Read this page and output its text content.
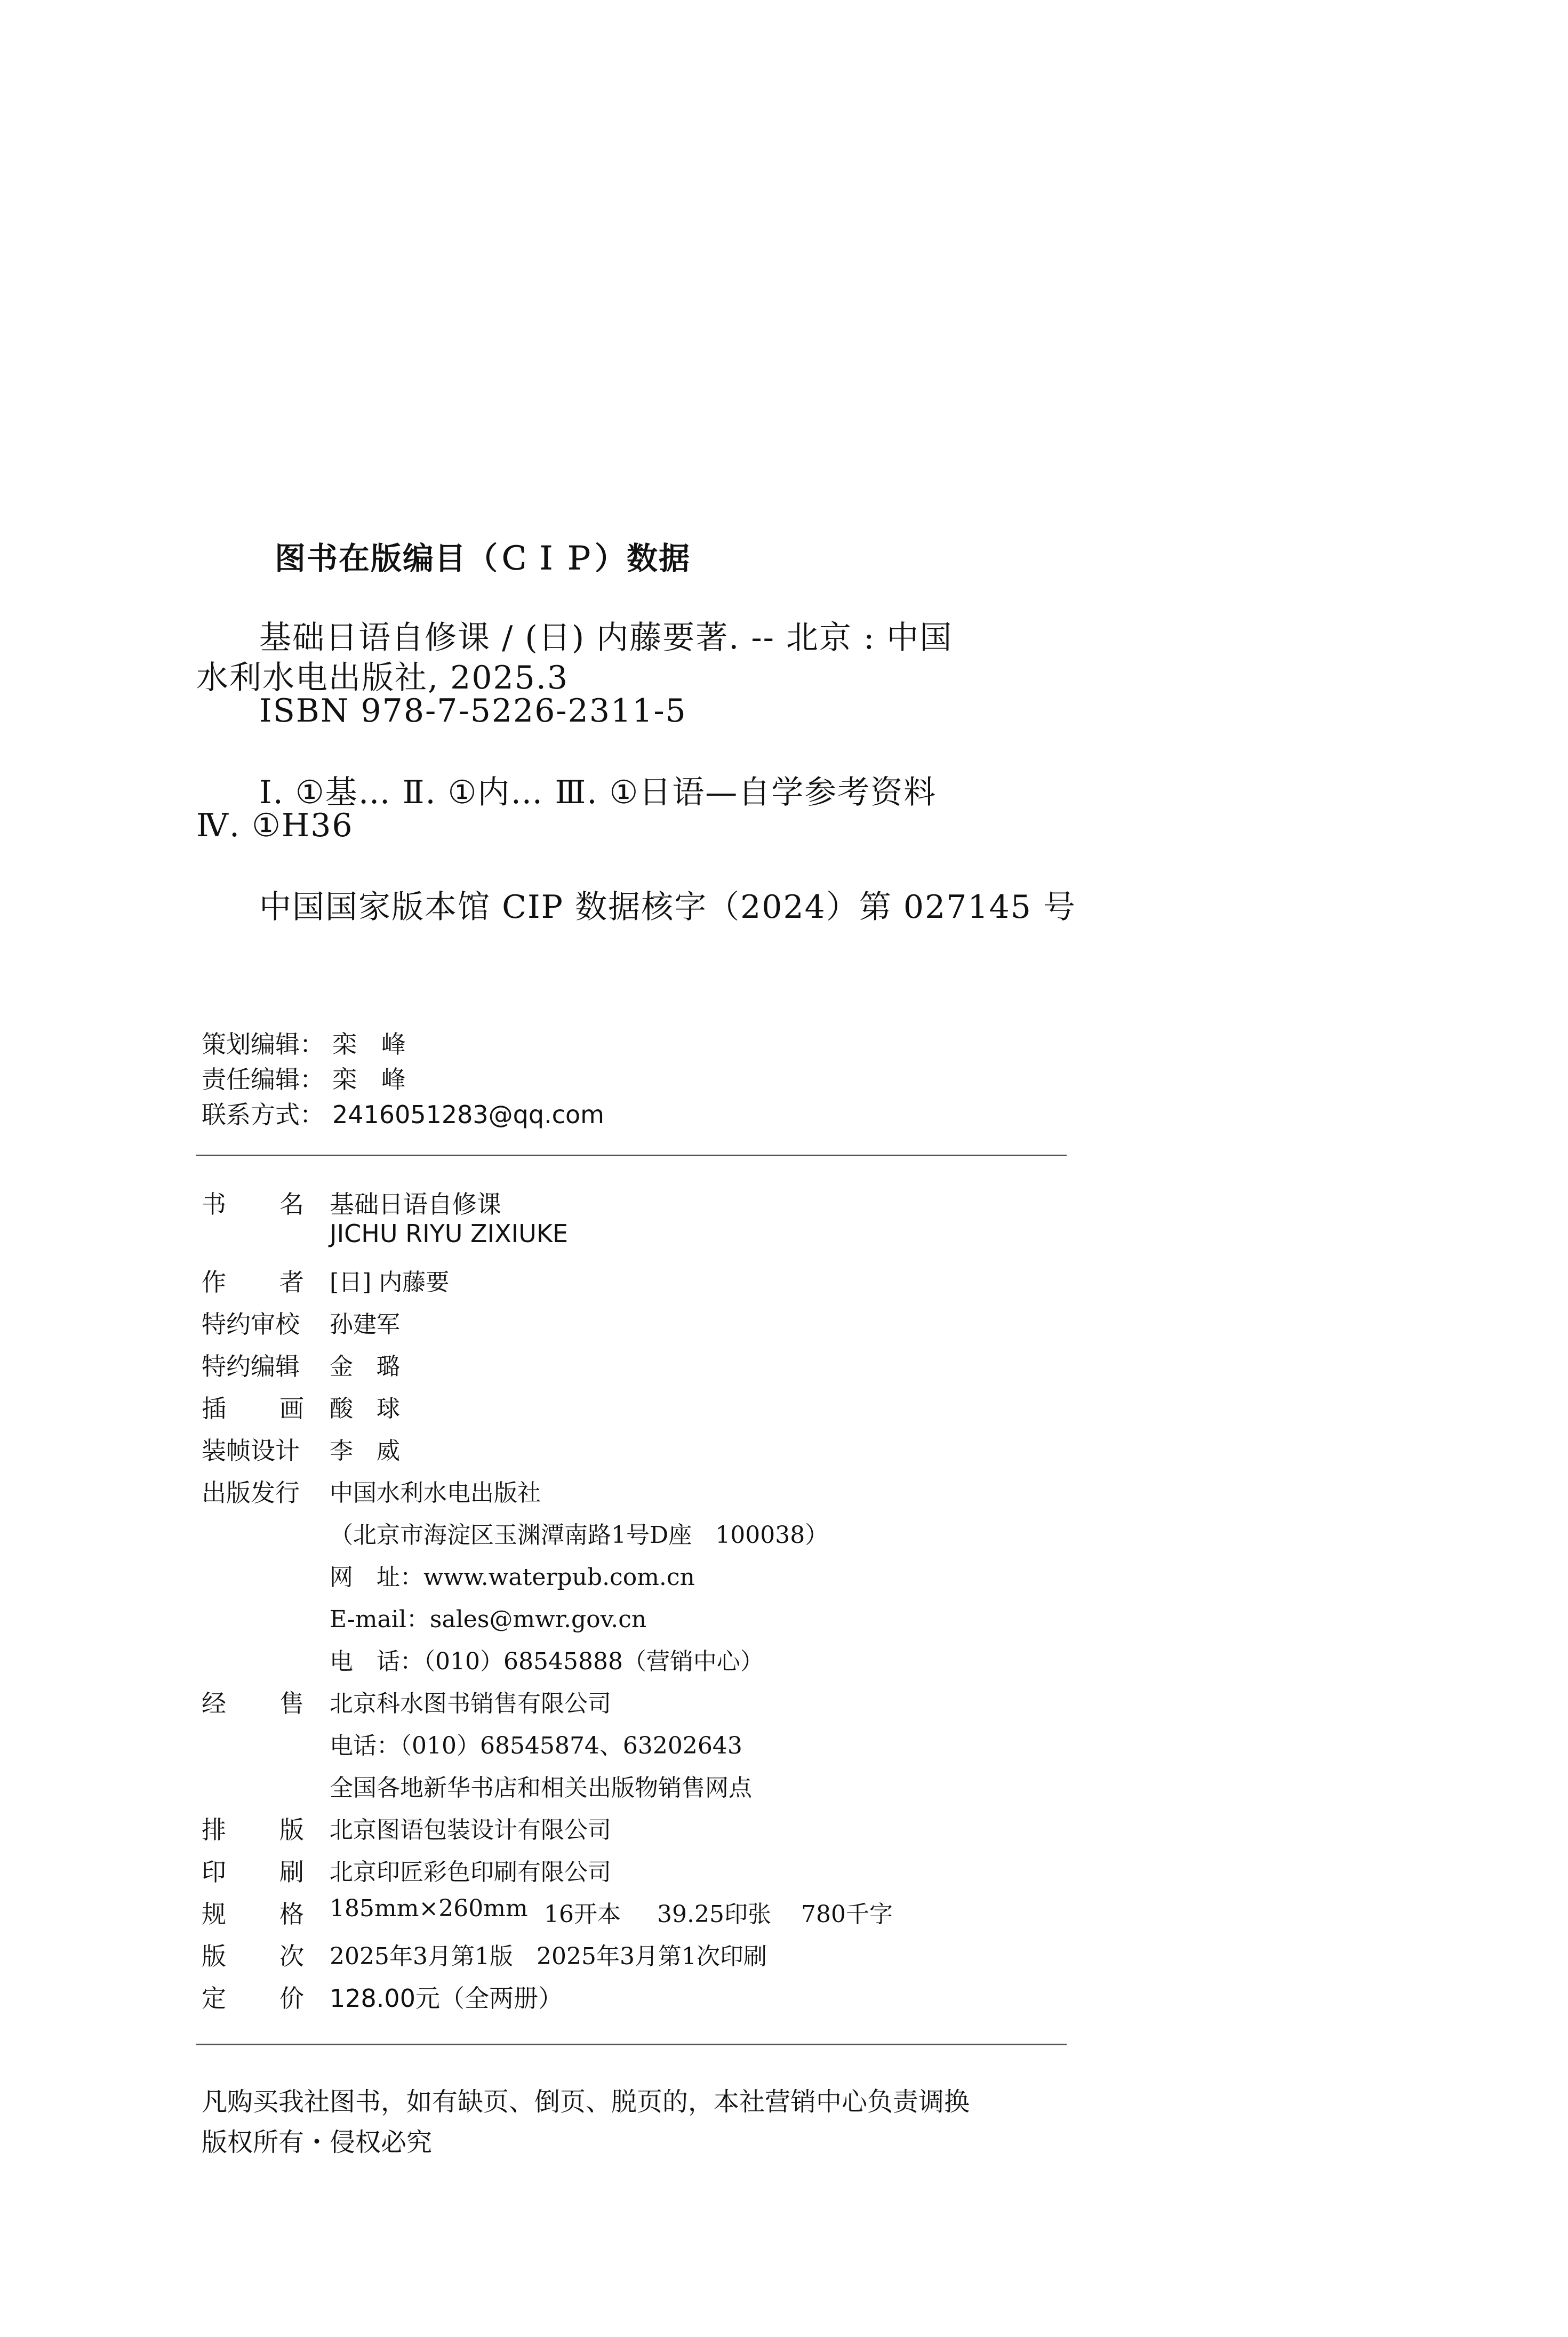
图书在版编目（ＣＩＰ）数据
基础日语自修课 / (日) 内藤要著. -- 北京 : 中国
水利水电出版社, 2025.3
ISBN 978-7-5226-2311-5
Ⅰ. ①基… Ⅱ. ①内… Ⅲ. ①日语—自学参考资料
Ⅳ. ①H36
中国国家版本馆 CIP 数据核字（2024）第 027145 号
策划编辑： 栾　峰
责任编辑： 栾　峰
联系方式： 2416051283@qq.com
书 名 基础日语自修课
JICHU RIYU ZIXIUKE
作 者 [日] 内藤要
特约审校 孙建军
特约编辑 金　璐
插 画 酸　球
装帧设计 李　威
出版发行 中国水利水电出版社
（北京市海淀区玉渊潭南路1号D座　100038）
网　址：www.waterpub.com.cn
E-mail：sales@mwr.gov.cn
电　话：（010）68545888（营销中心）
经 售 北京科水图书销售有限公司
电话：（010）68545874、63202643
全国各地新华书店和相关出版物销售网点
排 版 北京图语包装设计有限公司
印 刷 北京印匠彩色印刷有限公司
规 格 185mm×260mm 16开本 39.25印张 780千字
版 次 2025年3月第1版　2025年3月第1次印刷
定 价 128.00元（全两册）
凡购买我社图书，如有缺页、倒页、脱页的，本社营销中心负责调换
版权所有・侵权必究
